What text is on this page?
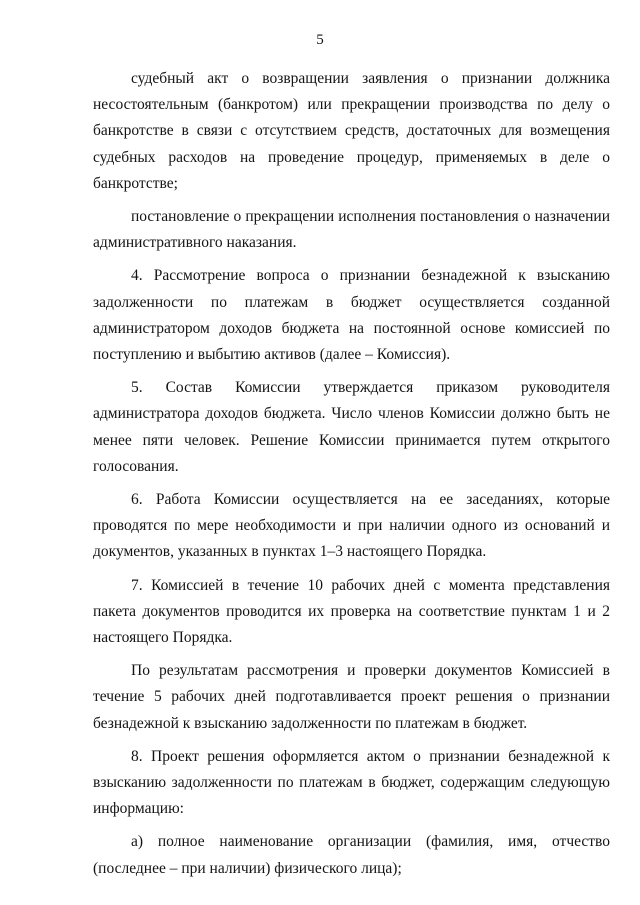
5

судебный акт о возвращении заявления о признании должника несостоятельным (банкротом) или прекращении производства по делу о банкротстве в связи с отсутствием средств, достаточных для возмещения судебных расходов на проведение процедур, применяемых в деле о банкротстве;

постановление о прекращении исполнения постановления о назначении административного наказания.

4. Рассмотрение вопроса о признании безнадежной к взысканию задолженности по платежам в бюджет осуществляется созданной администратором доходов бюджета на постоянной основе комиссией по поступлению и выбытию активов (далее – Комиссия).

5. Состав Комиссии утверждается приказом руководителя администратора доходов бюджета. Число членов Комиссии должно быть не менее пяти человек. Решение Комиссии принимается путем открытого голосования.

6. Работа Комиссии осуществляется на ее заседаниях, которые проводятся по мере необходимости и при наличии одного из оснований и документов, указанных в пунктах 1–3 настоящего Порядка.

7. Комиссией в течение 10 рабочих дней с момента представления пакета документов проводится их проверка на соответствие пунктам 1 и 2 настоящего Порядка.

По результатам рассмотрения и проверки документов Комиссией в течение 5 рабочих дней подготавливается проект решения о признании безнадежной к взысканию задолженности по платежам в бюджет.

8. Проект решения оформляется актом о признании безнадежной к взысканию задолженности по платежам в бюджет, содержащим следующую информацию:

а) полное наименование организации (фамилия, имя, отчество (последнее – при наличии) физического лица);
